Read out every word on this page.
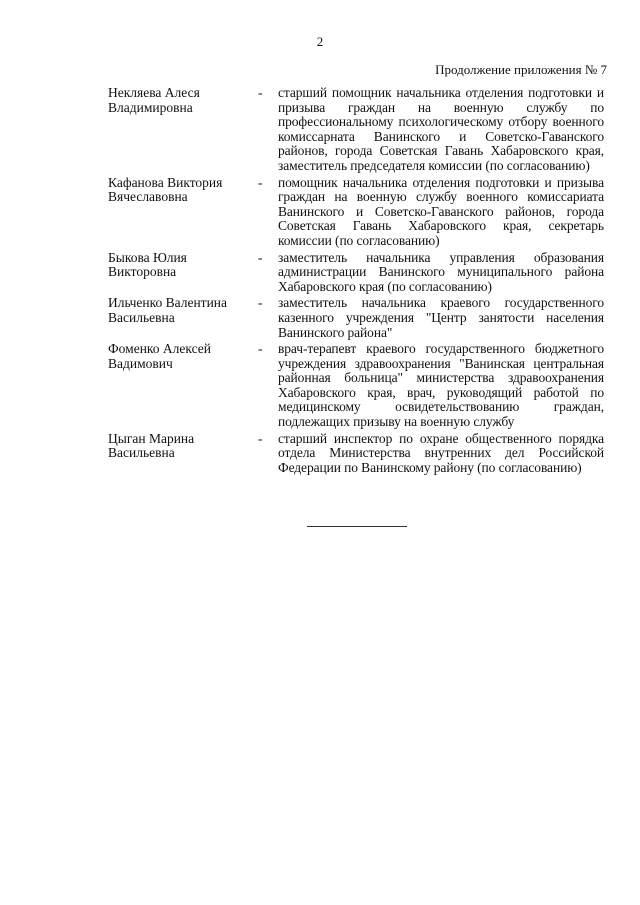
2
Продолжение приложения № 7
Некляева Алеся
Владимировна
-	старший помощник начальника отделения подготовки и призыва граждан на военную службу по профессиональному психологическому отбору военного комиссарната Ванинского и Советско-Гаванского районов, города Советская Гавань Хабаровского края, заместитель председателя комиссии (по согласованию)
Кафанова Виктория
Вячеславовна
-	помощник начальника отделения подготовки и призыва граждан на военную службу военного комиссариата Ванинского и Советско-Гаванского районов, города Советская Гавань Хабаровского края, секретарь комиссии (по согласованию)
Быкова Юлия
Викторовна
-	заместитель начальника управления образования администрации Ванинского муниципального района Хабаровского края (по согласованию)
Ильченко Валентина
Васильевна
-	заместитель начальника краевого государственного казенного учреждения "Центр занятости населения Ванинского района"
Фоменко Алексей
Вадимович
-	врач-терапевт краевого государственного бюджетного учреждения здравоохранения "Ванинская центральная районная больница" министерства здравоохранения Хабаровского края, врач, руководящий работой по медицинскому освидетельствованию граждан, подлежащих призыву на военную службу
Цыган Марина
Васильевна
-	старший инспектор по охране общественного порядка отдела Министерства внутренних дел Российской Федерации по Ванинскому району (по согласованию)
